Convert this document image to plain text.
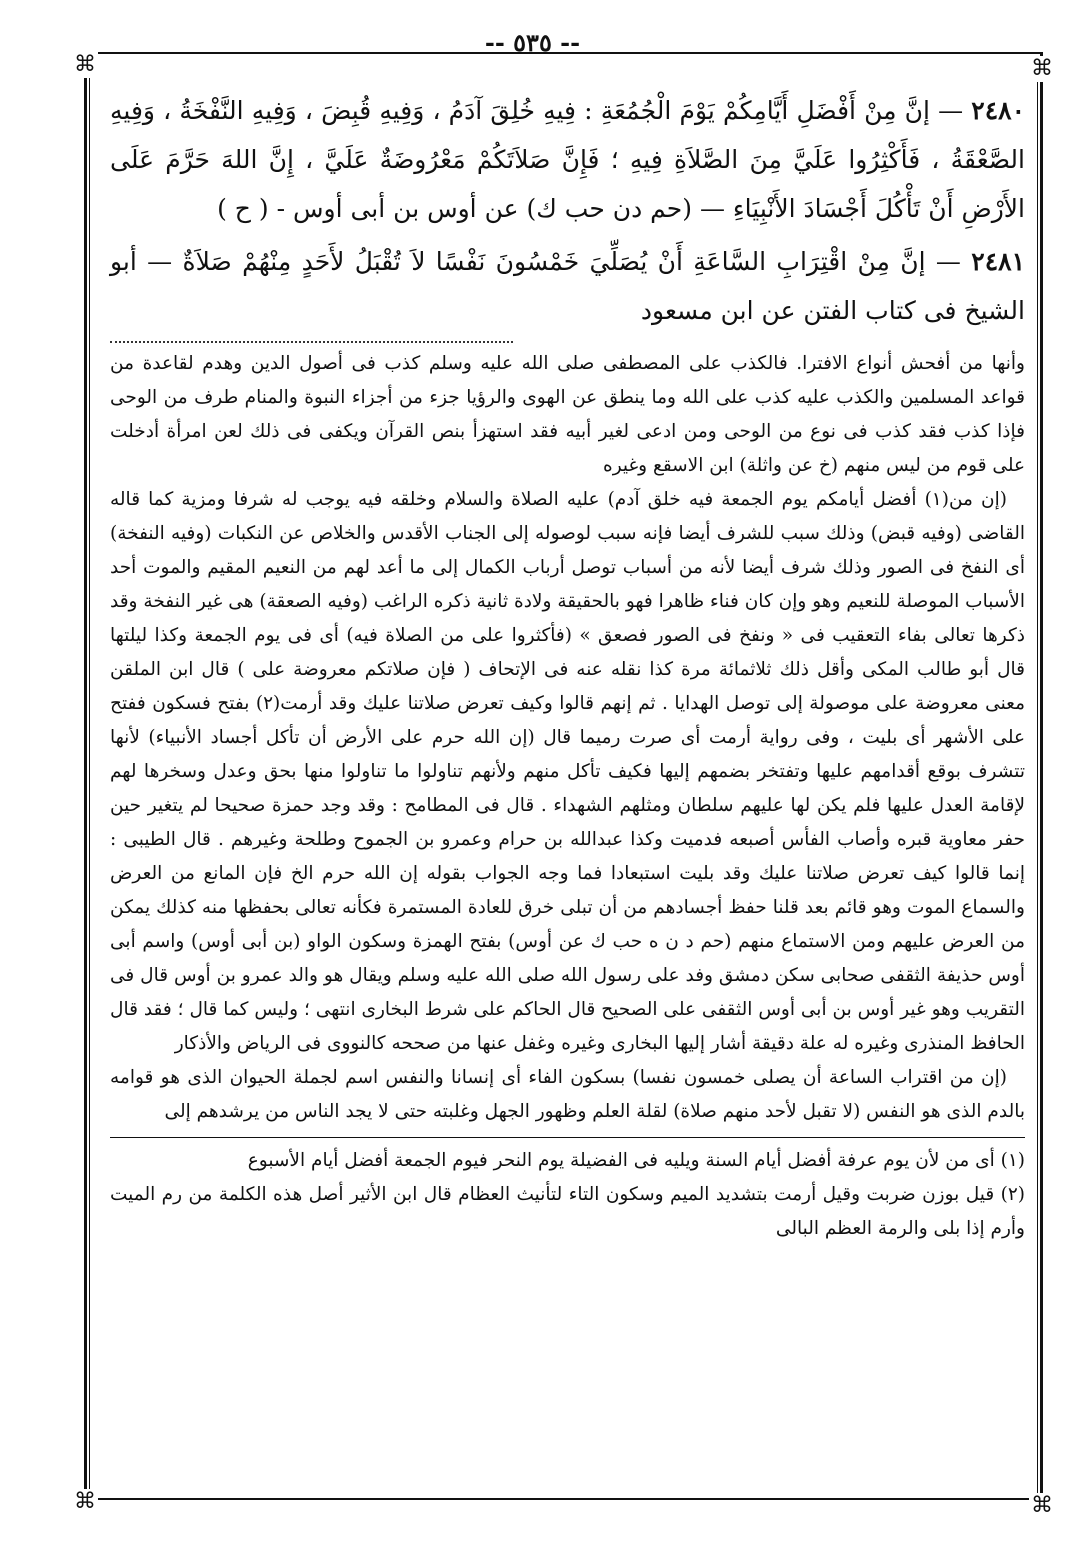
⌘	⌘
⌘	⌘
-- ٥٣٥ --

٢٤٨٠ — إنَّ مِنْ أَفْضَلِ أَيَّامِكُمْ يَوْمَ الْجُمُعَةِ : فِيهِ خُلِقَ آدَمُ ، وَفِيهِ قُبِضَ ، وَفِيهِ النَّفْخَةُ ، وَفِيهِ الصَّعْقَةُ ، فَأَكْثِرُوا عَلَيَّ مِنَ الصَّلاَةِ فِيهِ ؛ فَإِنَّ صَلاَتَكُمْ مَعْرُوضَةٌ عَلَيَّ ، إِنَّ اللهَ حَرَّمَ عَلَى الأَرْضِ أَنْ تَأْكُلَ أَجْسَادَ الأَنْبِيَاءِ — (حم دن حب ك) عن أوس بن أبى أوس - ( ح )

٢٤٨١ — إنَّ مِنْ اقْتِرَابِ السَّاعَةِ أَنْ يُصَلِّيَ خَمْسُونَ نَفْسًا لاَ تُقْبَلُ لأَحَدٍ مِنْهُمْ صَلاَةٌ — أبو الشيخ فى كتاب الفتن عن ابن مسعود

وأنها من أفحش أنواع الافترا. فالكذب على المصطفى صلى الله عليه وسلم كذب فى أصول الدين وهدم لقاعدة من قواعد المسلمين والكذب عليه كذب على الله وما ينطق عن الهوى والرؤيا جزء من أجزاء النبوة والمنام طرف من الوحى فإذا كذب فقد كذب فى نوع من الوحى ومن ادعى لغير أبيه فقد استهزأ بنص القرآن ويكفى فى ذلك لعن امرأة أدخلت على قوم من ليس منهم (خ عن واثلة) ابن الاسقع وغيره

(إن من(١) أفضل أيامكم يوم الجمعة فيه خلق آدم) عليه الصلاة والسلام وخلقه فيه يوجب له شرفا ومزية كما قاله القاضى (وفيه قبض) وذلك سبب للشرف أيضا فإنه سبب لوصوله إلى الجناب الأقدس والخلاص عن النكبات (وفيه النفخة) أى النفخ فى الصور وذلك شرف أيضا لأنه من أسباب توصل أرباب الكمال إلى ما أعد لهم من النعيم المقيم والموت أحد الأسباب الموصلة للنعيم وهو وإن كان فناء ظاهرا فهو بالحقيقة ولادة ثانية ذكره الراغب (وفيه الصعقة) هى غير النفخة وقد ذكرها تعالى بفاء التعقيب فى « ونفخ فى الصور فصعق » (فأكثروا على من الصلاة فيه) أى فى يوم الجمعة وكذا ليلتها قال أبو طالب المكى وأقل ذلك ثلاثمائة مرة كذا نقله عنه فى الإتحاف ( فإن صلاتكم معروضة على ) قال ابن الملقن معنى معروضة على موصولة إلى توصل الهدايا . ثم إنهم قالوا وكيف تعرض صلاتنا عليك وقد أرمت(٢) بفتح فسكون ففتح على الأشهر أى بليت ، وفى رواية أرمت أى صرت رميما قال (إن الله حرم على الأرض أن تأكل أجساد الأنبياء) لأنها تتشرف بوقع أقدامهم عليها وتفتخر بضمهم إليها فكيف تأكل منهم ولأنهم تناولوا ما تناولوا منها بحق وعدل وسخرها لهم لإقامة العدل عليها فلم يكن لها عليهم سلطان ومثلهم الشهداء . قال فى المطامح : وقد وجد حمزة صحيحا لم يتغير حين حفر معاوية قبره وأصاب الفأس أصبعه فدميت وكذا عبدالله بن حرام وعمرو بن الجموح وطلحة وغيرهم . قال الطيبى : إنما قالوا كيف تعرض صلاتنا عليك وقد بليت استبعادا فما وجه الجواب بقوله إن الله حرم الخ فإن المانع من العرض والسماع الموت وهو قائم بعد قلنا حفظ أجسادهم من أن تبلى خرق للعادة المستمرة فكأنه تعالى بحفظها منه كذلك يمكن من العرض عليهم ومن الاستماع منهم (حم د ن ه حب ك عن أوس) بفتح الهمزة وسكون الواو (بن أبى أوس) واسم أبى أوس حذيفة الثقفى صحابى سكن دمشق وفد على رسول الله صلى الله عليه وسلم ويقال هو والد عمرو بن أوس قال فى التقريب وهو غير أوس بن أبى أوس الثقفى على الصحيح قال الحاكم على شرط البخارى انتهى ؛ وليس كما قال ؛ فقد قال الحافظ المنذرى وغيره له علة دقيقة أشار إليها البخارى وغيره وغفل عنها من صححه كالنووى فى الرياض والأذكار

(إن من اقتراب الساعة أن يصلى خمسون نفسا) بسكون الفاء أى إنسانا والنفس اسم لجملة الحيوان الذى هو قوامه بالدم الذى هو النفس (لا تقبل لأحد منهم صلاة) لقلة العلم وظهور الجهل وغلبته حتى لا يجد الناس من يرشدهم إلى

(١) أى من لأن يوم عرفة أفضل أيام السنة ويليه فى الفضيلة يوم النحر فيوم الجمعة أفضل أيام الأسبوع

(٢) قيل بوزن ضربت وقيل أرمت بتشديد الميم وسكون التاء لتأنيث العظام قال ابن الأثير أصل هذه الكلمة من رم الميت وأرم إذا بلى والرمة العظم البالى
